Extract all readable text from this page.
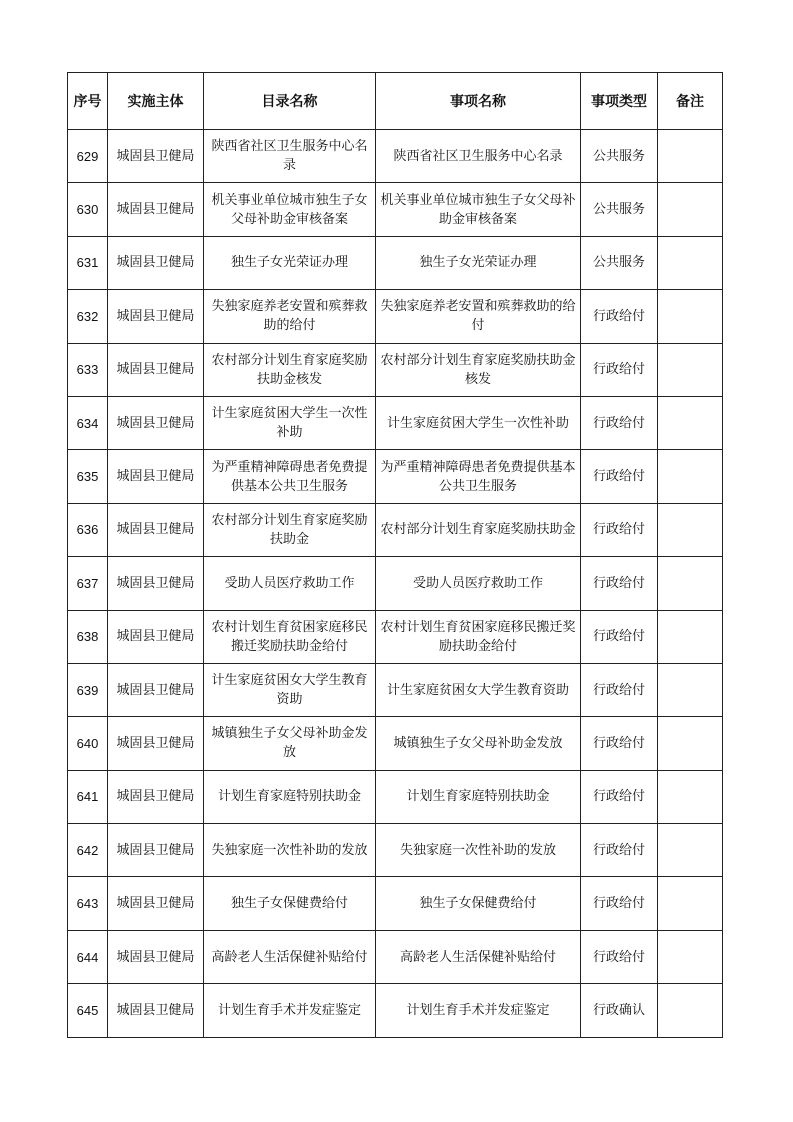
序号	实施主体	目录名称	事项名称	事项类型	备注
629	城固县卫健局	陕西省社区卫生服务中心名录	陕西省社区卫生服务中心名录	公共服务	
630	城固县卫健局	机关事业单位城市独生子女父母补助金审核备案	机关事业单位城市独生子女父母补助金审核备案	公共服务	
631	城固县卫健局	独生子女光荣证办理	独生子女光荣证办理	公共服务	
632	城固县卫健局	失独家庭养老安置和殡葬救助的给付	失独家庭养老安置和殡葬救助的给付	行政给付	
633	城固县卫健局	农村部分计划生育家庭奖励扶助金核发	农村部分计划生育家庭奖励扶助金核发	行政给付	
634	城固县卫健局	计生家庭贫困大学生一次性补助	计生家庭贫困大学生一次性补助	行政给付	
635	城固县卫健局	为严重精神障碍患者免费提供基本公共卫生服务	为严重精神障碍患者免费提供基本公共卫生服务	行政给付	
636	城固县卫健局	农村部分计划生育家庭奖励扶助金	农村部分计划生育家庭奖励扶助金	行政给付	
637	城固县卫健局	受助人员医疗救助工作	受助人员医疗救助工作	行政给付	
638	城固县卫健局	农村计划生育贫困家庭移民搬迁奖励扶助金给付	农村计划生育贫困家庭移民搬迁奖励扶助金给付	行政给付	
639	城固县卫健局	计生家庭贫困女大学生教育资助	计生家庭贫困女大学生教育资助	行政给付	
640	城固县卫健局	城镇独生子女父母补助金发放	城镇独生子女父母补助金发放	行政给付	
641	城固县卫健局	计划生育家庭特别扶助金	计划生育家庭特别扶助金	行政给付	
642	城固县卫健局	失独家庭一次性补助的发放	失独家庭一次性补助的发放	行政给付	
643	城固县卫健局	独生子女保健费给付	独生子女保健费给付	行政给付	
644	城固县卫健局	高龄老人生活保健补贴给付	高龄老人生活保健补贴给付	行政给付	
645	城固县卫健局	计划生育手术并发症鉴定	计划生育手术并发症鉴定	行政确认	
